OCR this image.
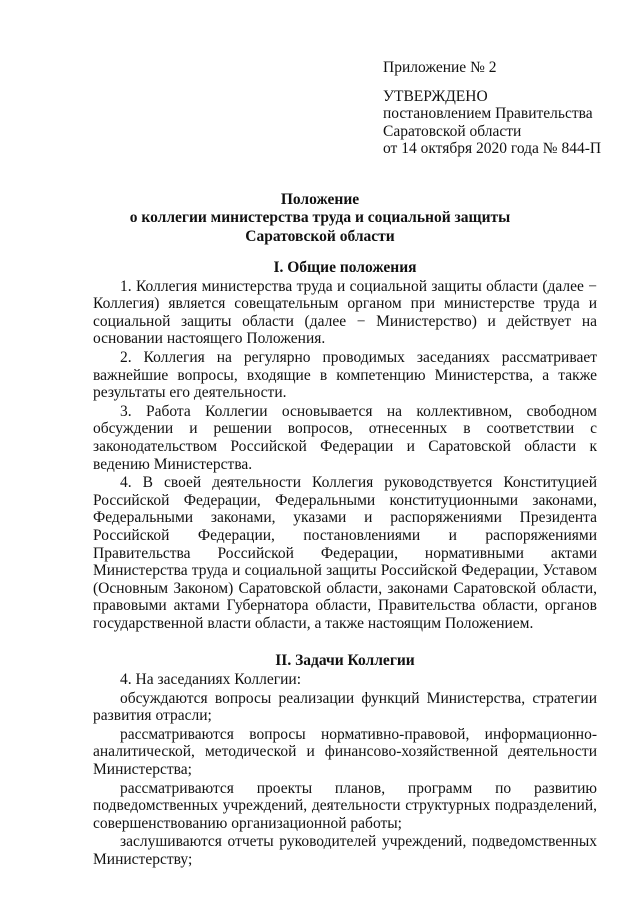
Приложение № 2
УТВЕРЖДЕНО
постановлением Правительства
Саратовской области
от 14 октября 2020 года № 844-П
Положение
о коллегии министерства труда и социальной защиты
Саратовской области
I. Общие положения
1. Коллегия министерства труда и социальной защиты области (далее − Коллегия) является совещательным органом при министерстве труда и социальной защиты области (далее − Министерство) и действует на основании настоящего Положения.
2. Коллегия на регулярно проводимых заседаниях рассматривает важнейшие вопросы, входящие в компетенцию Министерства, а также результаты его деятельности.
3. Работа Коллегии основывается на коллективном, свободном обсуждении и решении вопросов, отнесенных в соответствии с законодательством Российской Федерации и Саратовской области к ведению Министерства.
4. В своей деятельности Коллегия руководствуется Конституцией Российской Федерации, Федеральными конституционными законами, Федеральными законами, указами и распоряжениями Президента Российской Федерации, постановлениями и распоряжениями Правительства Российской Федерации, нормативными актами Министерства труда и социальной защиты Российской Федерации, Уставом (Основным Законом) Саратовской области, законами Саратовской области, правовыми актами Губернатора области, Правительства области, органов государственной власти области, а также настоящим Положением.
II. Задачи Коллегии
4. На заседаниях Коллегии:
обсуждаются вопросы реализации функций Министерства, стратегии развития отрасли;
рассматриваются вопросы нормативно-правовой, информационно-аналитической, методической и финансово-хозяйственной деятельности Министерства;
рассматриваются проекты планов, программ по развитию подведомственных учреждений, деятельности структурных подразделений, совершенствованию организационной работы;
заслушиваются отчеты руководителей учреждений, подведомственных Министерству;
